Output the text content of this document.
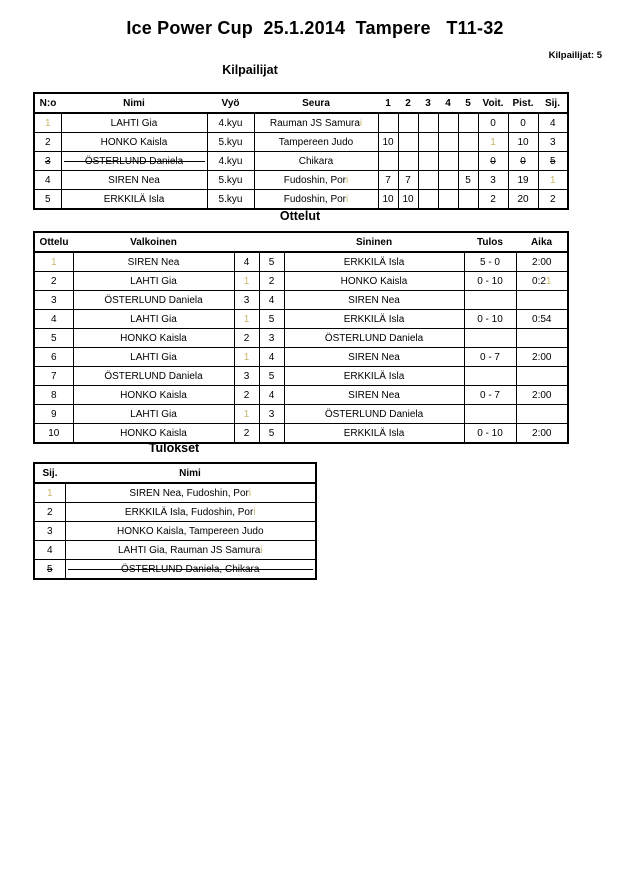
Ice Power Cup  25.1.2014  Tampere   T11-32
Kilpailijat: 5
Kilpailijat
N:o	Nimi	Vyö	Seura	1	2	3	4	5	Voit.	Pist.	Sij.
1	LAHTI Gia	4.kyu	Rauman JS Samurai						0	0	4
2	HONKO Kaisla	5.kyu	Tampereen Judo	10					1	10	3
3	ÖSTERLUND Daniela	4.kyu	Chikara						0	0	5
4	SIREN Nea	5.kyu	Fudoshin, Pori	7	7			5	3	19	1
5	ERKKILÄ Isla	5.kyu	Fudoshin, Pori	10	10				2	20	2
Ottelut
Ottelu	Valkoinen			Sininen	Tulos	Aika
1	SIREN Nea	4	5	ERKKILÄ Isla	5 - 0	2:00
2	LAHTI Gia	1	2	HONKO Kaisla	0 - 10	0:21
3	ÖSTERLUND Daniela	3	4	SIREN Nea		
4	LAHTI Gia	1	5	ERKKILÄ Isla	0 - 10	0:54
5	HONKO Kaisla	2	3	ÖSTERLUND Daniela		
6	LAHTI Gia	1	4	SIREN Nea	0 - 7	2:00
7	ÖSTERLUND Daniela	3	5	ERKKILÄ Isla		
8	HONKO Kaisla	2	4	SIREN Nea	0 - 7	2:00
9	LAHTI Gia	1	3	ÖSTERLUND Daniela		
10	HONKO Kaisla	2	5	ERKKILÄ Isla	0 - 10	2:00
Tulokset
Sij.	Nimi
1	SIREN Nea, Fudoshin, Pori
2	ERKKILÄ Isla, Fudoshin, Pori
3	HONKO Kaisla, Tampereen Judo
4	LAHTI Gia, Rauman JS Samurai
5	ÖSTERLUND Daniela, Chikara
